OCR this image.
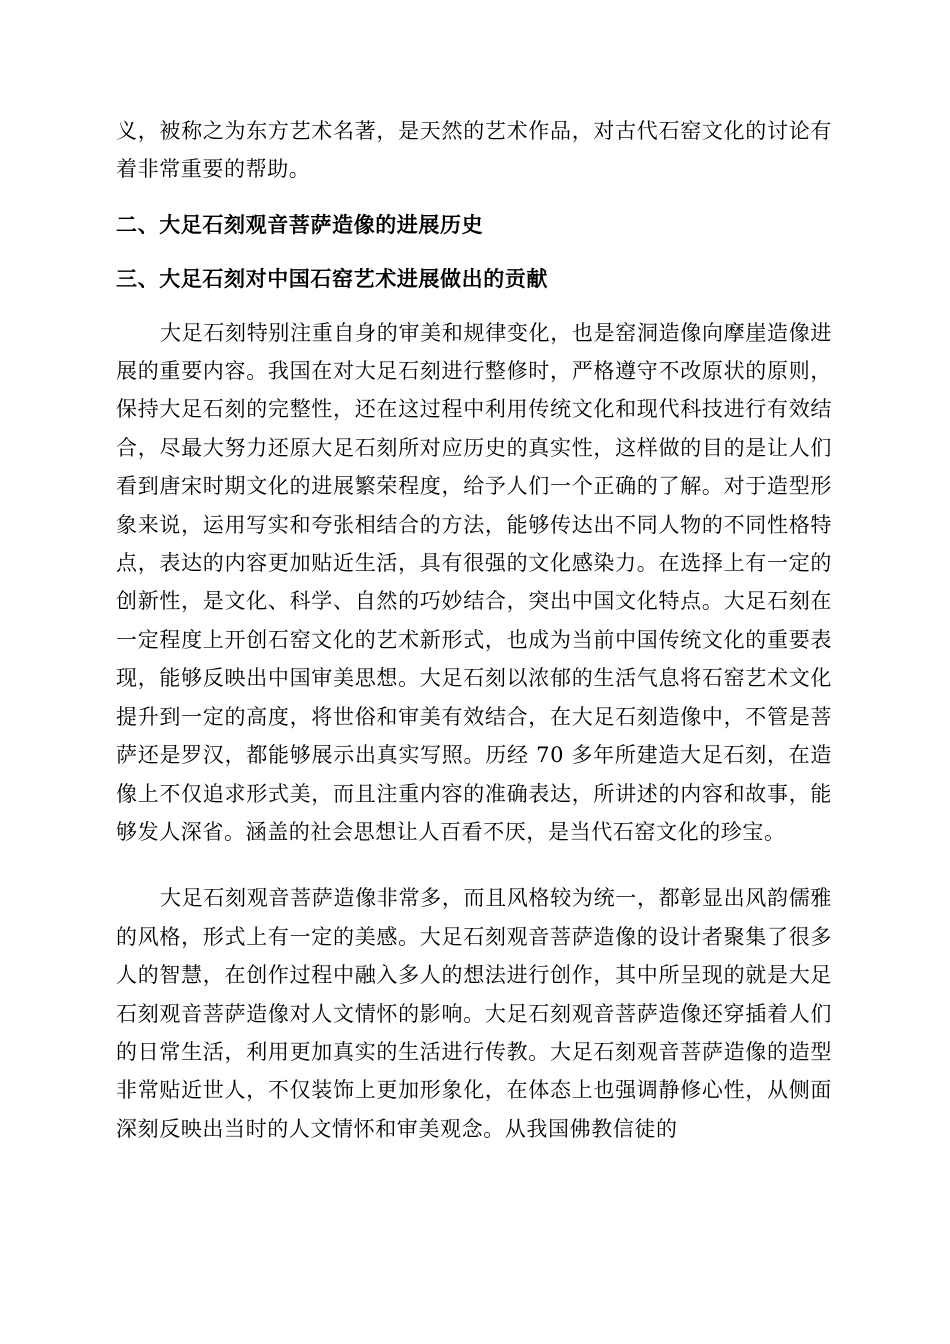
义，被称之为东方艺术名著，是天然的艺术作品，对古代石窑文化的讨论有着非常重要的帮助。

二、大足石刻观音菩萨造像的进展历史
三、大足石刻对中国石窑艺术进展做出的贡献

大足石刻特别注重自身的审美和规律变化，也是窑洞造像向摩崖造像进展的重要内容。我国在对大足石刻进行整修时，严格遵守不改原状的原则，保持大足石刻的完整性，还在这过程中利用传统文化和现代科技进行有效结合，尽最大努力还原大足石刻所对应历史的真实性，这样做的目的是让人们看到唐宋时期文化的进展繁荣程度，给予人们一个正确的了解。对于造型形象来说，运用写实和夸张相结合的方法，能够传达出不同人物的不同性格特点，表达的内容更加贴近生活，具有很强的文化感染力。在选择上有一定的创新性，是文化、科学、自然的巧妙结合，突出中国文化特点。大足石刻在一定程度上开创石窑文化的艺术新形式，也成为当前中国传统文化的重要表现，能够反映出中国审美思想。大足石刻以浓郁的生活气息将石窑艺术文化提升到一定的高度，将世俗和审美有效结合，在大足石刻造像中，不管是菩萨还是罗汉，都能够展示出真实写照。历经 70 多年所建造大足石刻，在造像上不仅追求形式美，而且注重内容的准确表达，所讲述的内容和故事，能够发人深省。涵盖的社会思想让人百看不厌，是当代石窑文化的珍宝。

大足石刻观音菩萨造像非常多，而且风格较为统一，都彰显出风韵儒雅的风格，形式上有一定的美感。大足石刻观音菩萨造像的设计者聚集了很多人的智慧，在创作过程中融入多人的想法进行创作，其中所呈现的就是大足石刻观音菩萨造像对人文情怀的影响。大足石刻观音菩萨造像还穿插着人们的日常生活，利用更加真实的生活进行传教。大足石刻观音菩萨造像的造型非常贴近世人，不仅装饰上更加形象化，在体态上也强调静修心性，从侧面深刻反映出当时的人文情怀和审美观念。从我国佛教信徒的
